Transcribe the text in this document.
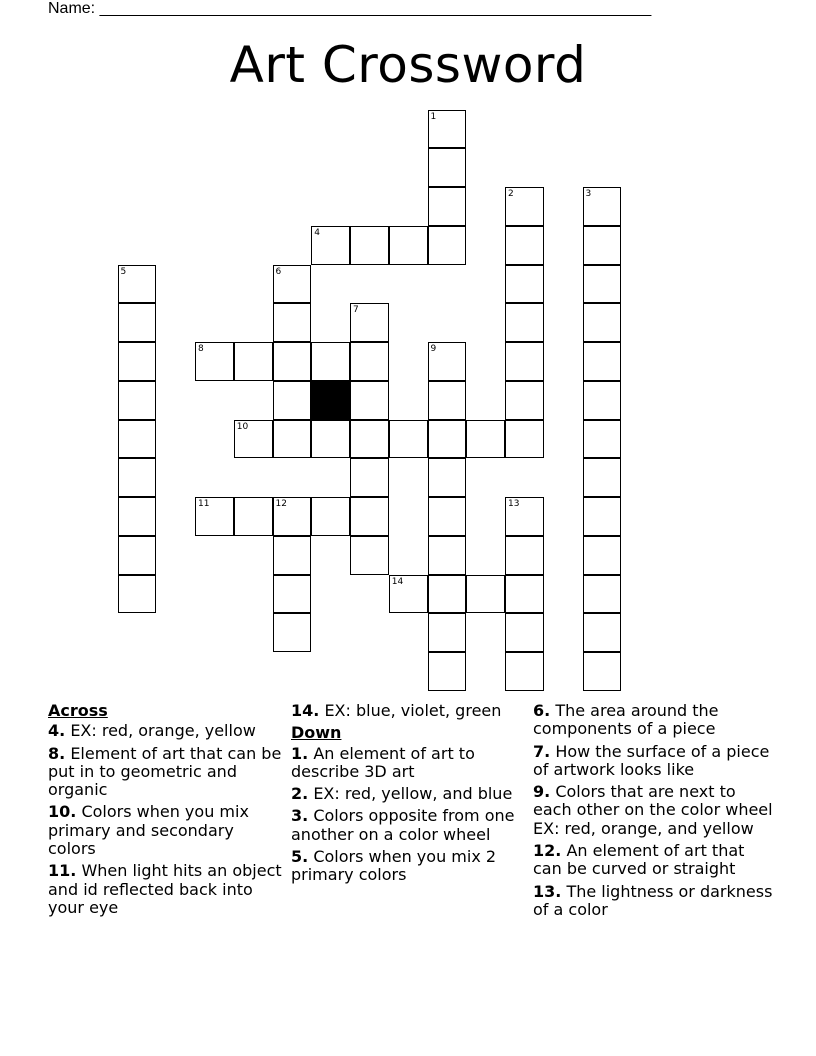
Name: ______________________________________________________________
Art Crossword
1
2	3
4
5	6
7
8	9
10
11	12	13
14
Across
4. EX: red, orange, yellow
8. Element of art that can be put in to geometric and organic
10. Colors when you mix primary and secondary colors
11. When light hits an object and id reflected back into your eye
14. EX: blue, violet, green
Down
1. An element of art to describe 3D art
2. EX: red, yellow, and blue
3. Colors opposite from one another on a color wheel
5. Colors when you mix 2 primary colors
6. The area around the components of a piece
7. How the surface of a piece of artwork looks like
9. Colors that are next to each other on the color wheel EX: red, orange, and yellow
12. An element of art that can be curved or straight
13. The lightness or darkness of a color
